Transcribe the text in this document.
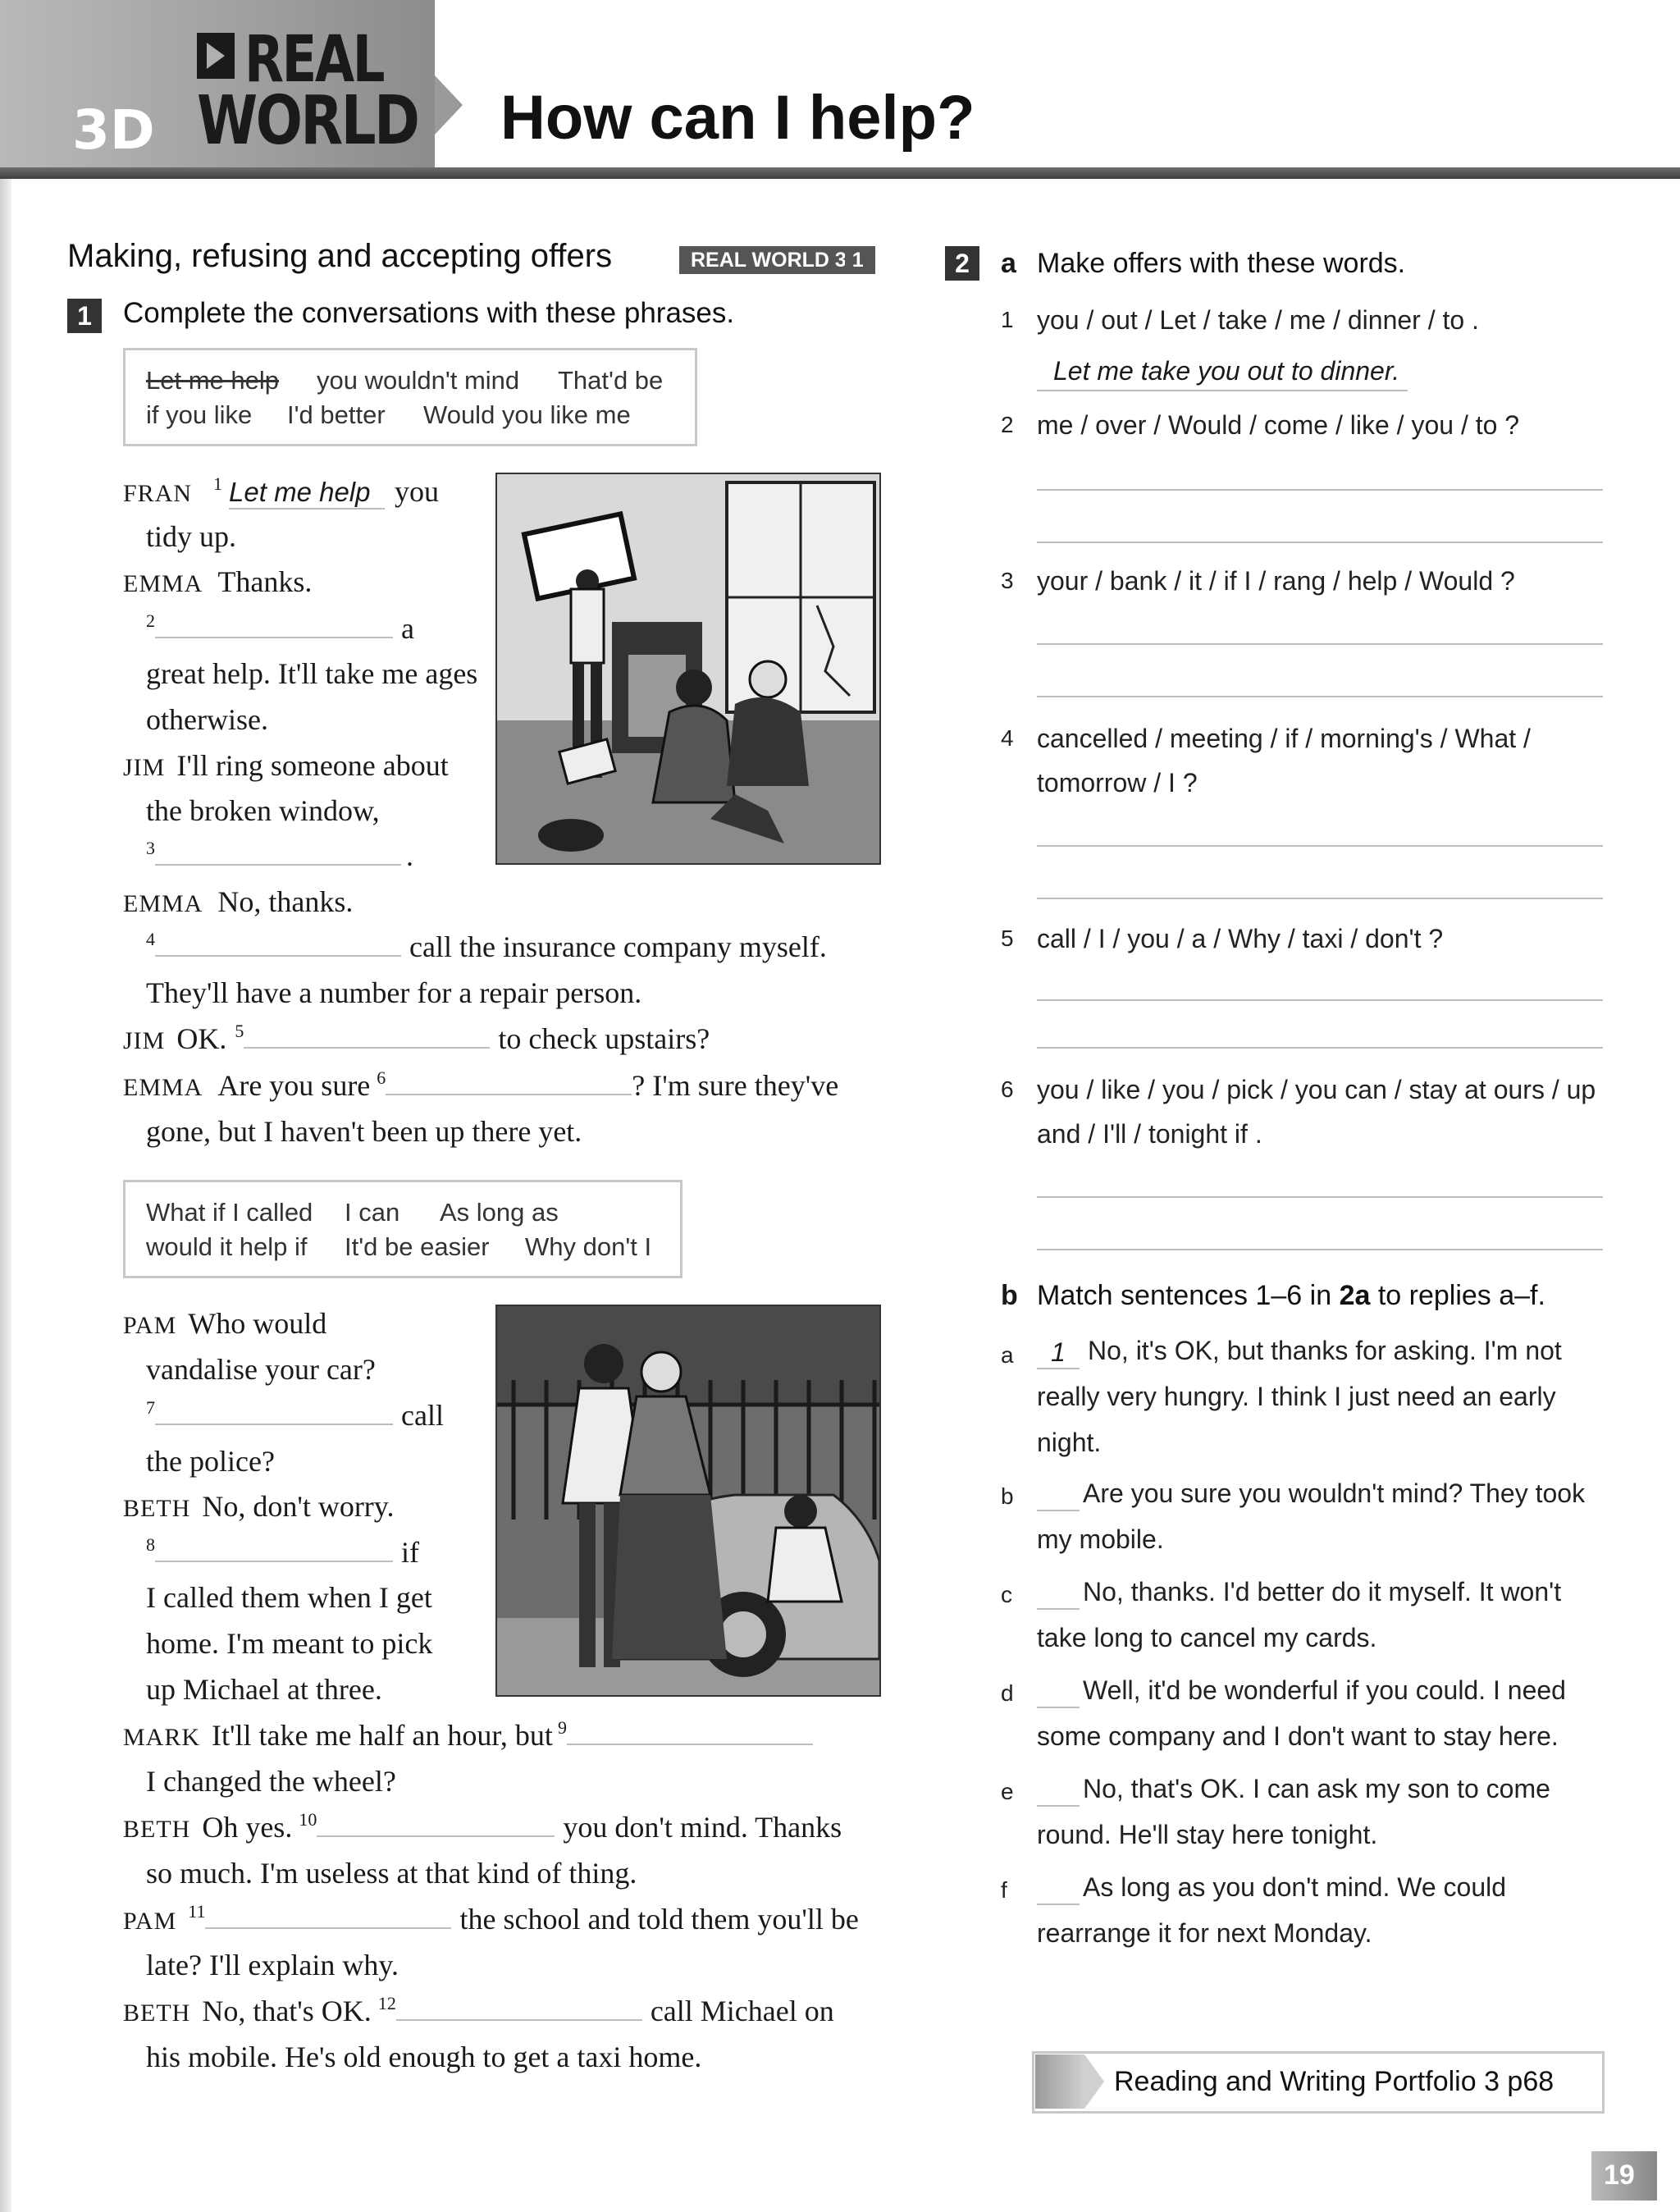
REAL
WORLD
3D	How can I help?
Making, refusing and accepting offers	REAL WORLD 3.1
1	Complete the conversations with these phrases.
Let me help you wouldn't mind That'd be
if you like I'd better Would you like me
FRAN $^1$ Let me help you
tidy up.
EMMA Thanks.
$^2$	a
great help. It'll take me ages
otherwise.
JIM I'll ring someone about
the broken window,
$^3$	.
EMMA No, thanks.
$^4$	call the insurance company myself.
They'll have a number for a repair person.
JIM OK. $^5$	to check upstairs?
EMMA Are you sure $^6$	? I'm sure they've
gone, but I haven't been up there yet.
What if I called I can As long as
would it help if It'd be easier Why don't I
PAM Who would
vandalise your car?
$^7$	call
the police?
BETH No, don't worry.
$^8$	if
I called them when I get
home. I'm meant to pick
up Michael at three.
MARK It'll take me half an hour, but $^9$
I changed the wheel?
BETH Oh yes. $^{10}$	you don't mind. Thanks
so much. I'm useless at that kind of thing.
PAM $^{11}$	the school and told them you'll be
late? I'll explain why.
BETH No, that's OK. $^{12}$	call Michael on
his mobile. He's old enough to get a taxi home.
2	a Make offers with these words.
1 you / out / Let / take / me / dinner / to .
Let me take you out to dinner.
2 me / over / Would / come / like / you / to ?
3 your / bank / it / if I / rang / help / Would ?
4 cancelled / meeting / if / morning's / What /
tomorrow / I ?
5 call / I / you / a / Why / taxi / don't ?
6 you / like / you / pick / you can / stay at ours / up
and / I'll / tonight if .
b Match sentences 1–6 in 2a to replies a–f.
a	1 No, it's OK, but thanks for asking. I'm not
really very hungry. I think I just need an early
night.
b	Are you sure you wouldn't mind? They took
my mobile.
c	No, thanks. I'd better do it myself. It won't
take long to cancel my cards.
d	Well, it'd be wonderful if you could. I need
some company and I don't want to stay here.
e	No, that's OK. I can ask my son to come
round. He'll stay here tonight.
f	As long as you don't mind. We could
rearrange it for next Monday.
Reading and Writing Portfolio 3 p68
19
